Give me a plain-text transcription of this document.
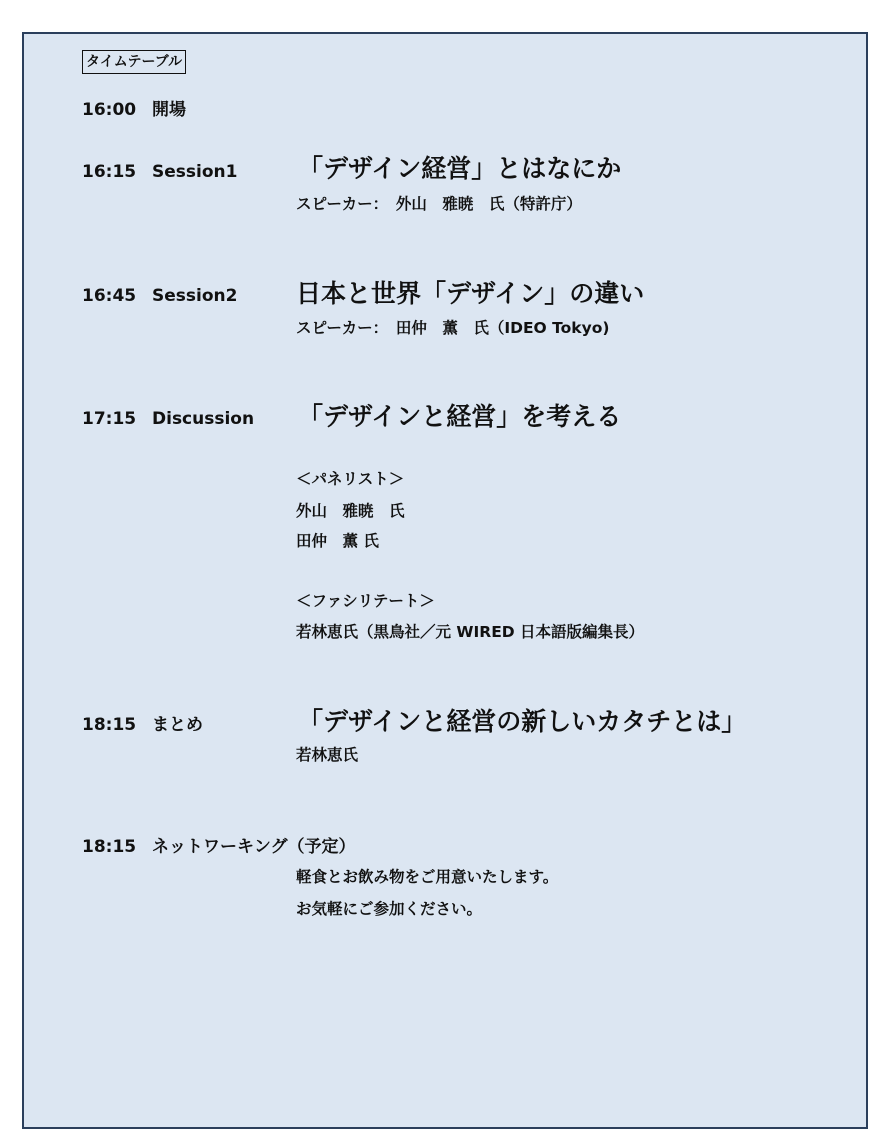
タイムテーブル
16:00 開場
16:15 Session1 「デザイン経営」とはなにか
スピーカー：　外山　雅暁　氏（特許庁）
16:45 Session2 日本と世界「デザイン」の違い
スピーカー：　田仲　薫　氏（IDEO Tokyo)
17:15 Discussion 「デザインと経営」を考える
＜パネリスト＞
外山　雅暁　氏
田仲　薫 氏
＜ファシリテート＞
若林恵氏（黒鳥社／元 WIRED 日本語版編集長）
18:15 まとめ	「デザインと経営の新しいカタチとは」
若林恵氏
18:15 ネットワーキング（予定）
軽食とお飲み物をご用意いたします。
お気軽にご参加ください。
